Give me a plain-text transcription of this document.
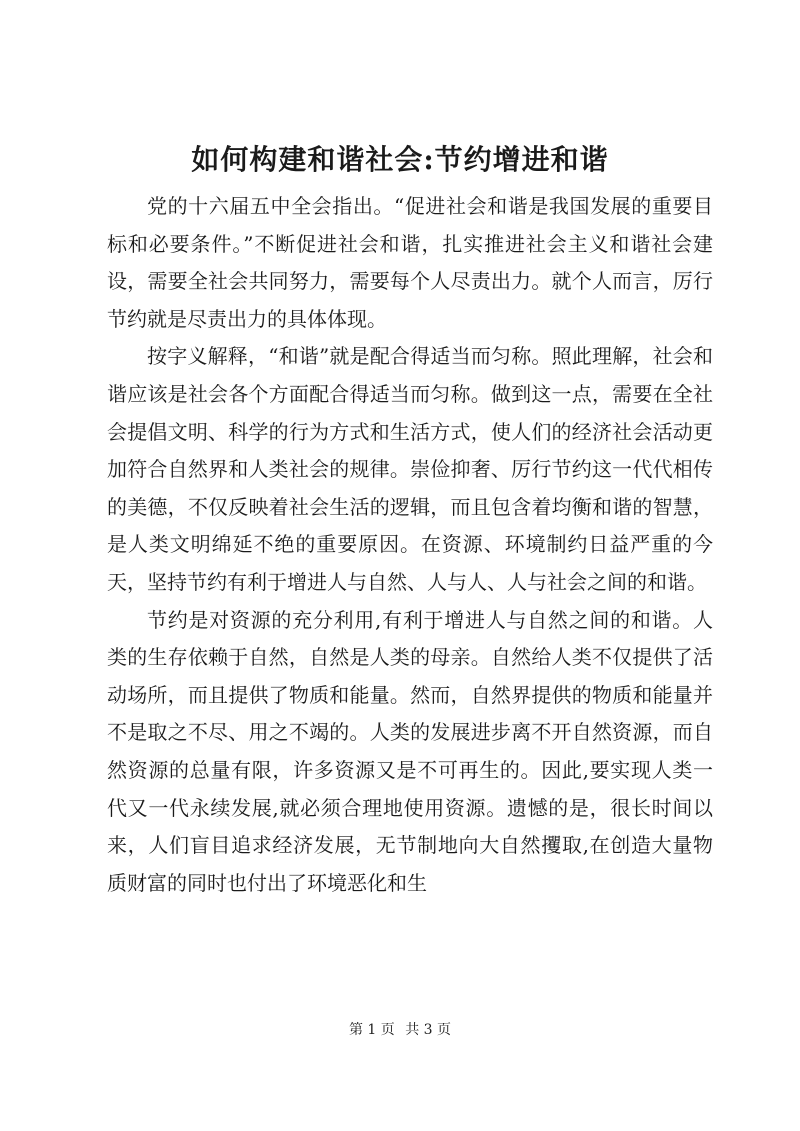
如何构建和谐社会:节约增进和谐

党的十六届五中全会指出。“促进社会和谐是我国发展的重要目标和必要条件。”不断促进社会和谐，扎实推进社会主义和谐社会建设，需要全社会共同努力，需要每个人尽责出力。就个人而言，厉行节约就是尽责出力的具体体现。

按字义解释，“和谐”就是配合得适当而匀称。照此理解，社会和谐应该是社会各个方面配合得适当而匀称。做到这一点，需要在全社会提倡文明、科学的行为方式和生活方式，使人们的经济社会活动更加符合自然界和人类社会的规律。崇俭抑奢、厉行节约这一代代相传的美德，不仅反映着社会生活的逻辑，而且包含着均衡和谐的智慧，是人类文明绵延不绝的重要原因。在资源、环境制约日益严重的今天，坚持节约有利于增进人与自然、人与人、人与社会之间的和谐。

节约是对资源的充分利用,有利于增进人与自然之间的和谐。人类的生存依赖于自然，自然是人类的母亲。自然给人类不仅提供了活动场所，而且提供了物质和能量。然而，自然界提供的物质和能量并不是取之不尽、用之不竭的。人类的发展进步离不开自然资源，而自然资源的总量有限，许多资源又是不可再生的。因此,要实现人类一代又一代永续发展,就必须合理地使用资源。遗憾的是，很长时间以来，人们盲目追求经济发展，无节制地向大自然攫取,在创造大量物质财富的同时也付出了环境恶化和生

第 1 页 共 3 页
